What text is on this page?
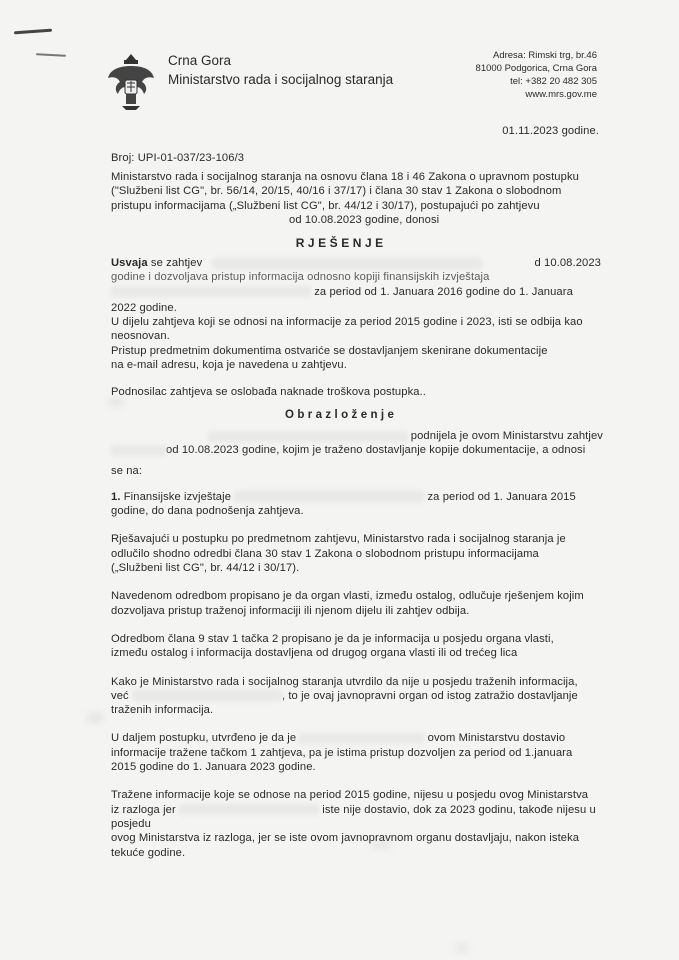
Crna Gora
Ministarstvo rada i socijalnog staranja
Adresa: Rimski trg, br.46
81000 Podgorica, Crna Gora
tel: +382 20 482 305
www.mrs.gov.me
01.11.2023 godine.
Broj: UPI-01-037/23-106/3
Ministarstvo rada i socijalnog staranja na osnovu člana 18 i 46 Zakona o upravnom postupku
("Službeni list CG", br. 56/14, 20/15, 40/16 i 37/17) i člana 30 stav 1 Zakona o slobodnom
pristupu informacijama („Službeni list CG", br. 44/12 i 30/17), postupajući po zahtjevu
od 10.08.2023 godine, donosi
R J E Š E N J E
Usvaja se zahtjev	d 10.08.2023
godine i dozvoljava pristup informacija odnosno kopiji finansijskih izvještaja
za period od 1. Januara 2016 godine do 1. Januara
2022 godine.
U dijelu zahtjeva koji se odnosi na informacije za period 2015 godine i 2023, isti se odbija kao
neosnovan.
Pristup predmetnim dokumentima ostvariće se dostavljanjem skenirane dokumentacije
na e-mail adresu, koja je navedena u zahtjevu.
Podnosilac zahtjeva se oslobađa naknade troškova postupka..
O b r a z l o ž e n j e
podnijela je ovom Ministarstvu zahtjev
od 10.08.2023 godine, kojim je traženo dostavljanje kopije dokumentacije, a odnosi
se na:
1. Finansijske izvještaje	za period od 1. Januara 2015
godine, do dana podnošenja zahtjeva.
Rješavajući u postupku po predmetnom zahtjevu, Ministarstvo rada i socijalnog staranja je
odlučilo shodno odredbi člana 30 stav 1 Zakona o slobodnom pristupu informacijama
(„Službeni list CG", br. 44/12 i 30/17).
Navedenom odredbom propisano je da organ vlasti, između ostalog, odlučuje rješenjem kojim
dozvoljava pristup traženoj informaciji ili njenom dijelu ili zahtjev odbija.
Odredbom člana 9 stav 1 tačka 2 propisano je da je informacija u posjedu organa vlasti,
između ostalog i informacija dostavljena od drugog organa vlasti ili od trećeg lica
Kako je Ministarstvo rada i socijalnog staranja utvrdilo da nije u posjedu traženih informacija,
već	, to je ovaj javnopravni organ od istog zatražio dostavljanje
traženih informacija.
U daljem postupku, utvrđeno je da je	ovom Ministarstvu dostavio
informacije tražene tačkom 1 zahtjeva, pa je istima pristup dozvoljen za period od 1.januara
2015 godine do 1. Januara 2023 godine.
Tražene informacije koje se odnose na period 2015 godine, nijesu u posjedu ovog Ministarstva
iz razloga jer	iste nije dostavio, dok za 2023 godinu, takođe nijesu u posjedu
ovog Ministarstva iz razloga, jer se iste ovom javnopravnom organu dostavljaju, nakon isteka
tekuće godine.
